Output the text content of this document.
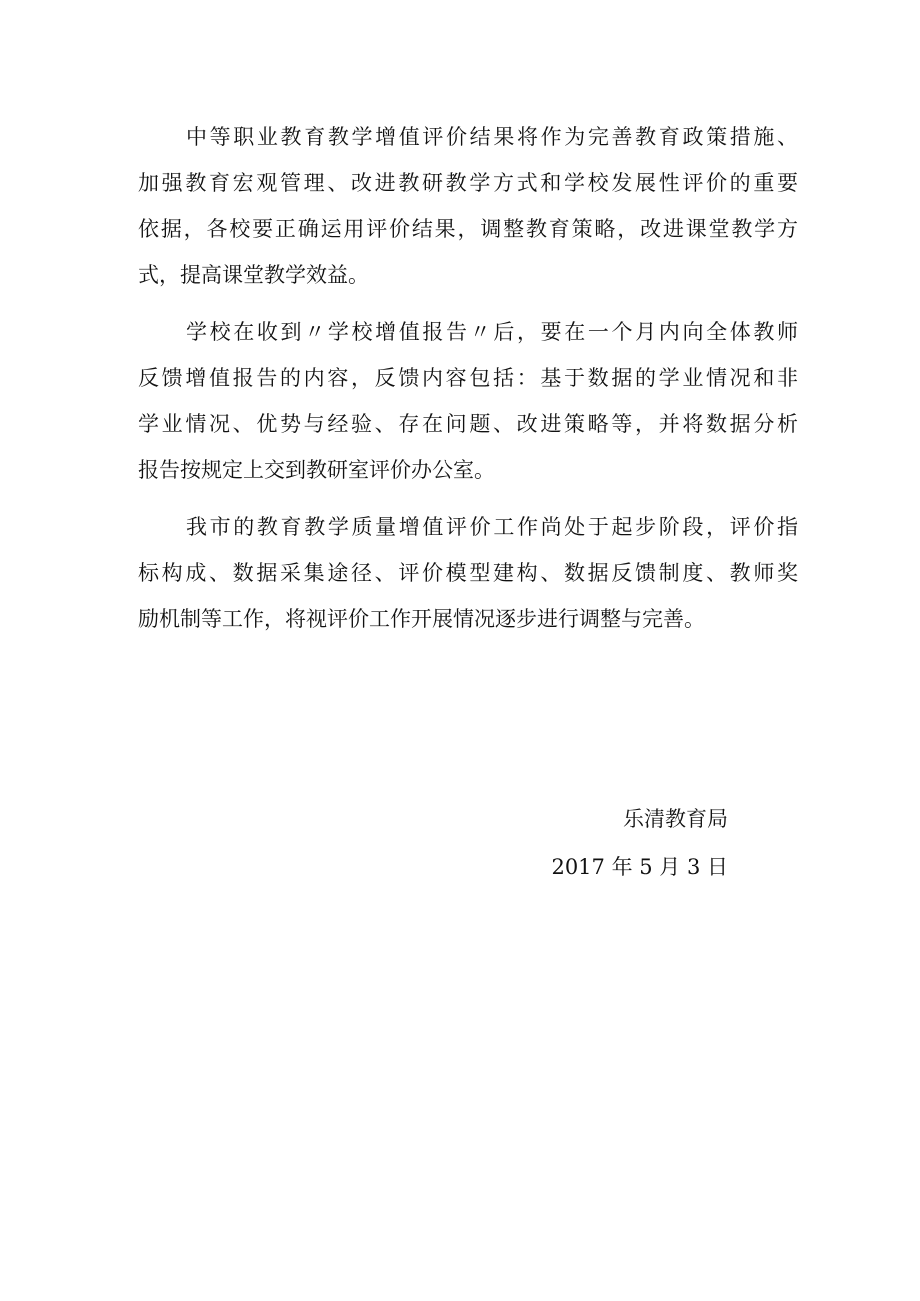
中等职业教育教学增值评价结果将作为完善教育政策措施、
加强教育宏观管理、改进教研教学方式和学校发展性评价的重要
依据，各校要正确运用评价结果，调整教育策略，改进课堂教学方
式，提高课堂教学效益。
学校在收到〃学校增值报告〃后，要在一个月内向全体教师
反馈增值报告的内容，反馈内容包括：基于数据的学业情况和非
学业情况、优势与经验、存在问题、改进策略等，并将数据分析
报告按规定上交到教研室评价办公室。
我市的教育教学质量增值评价工作尚处于起步阶段，评价指
标构成、数据采集途径、评价模型建构、数据反馈制度、教师奖
励机制等工作，将视评价工作开展情况逐步进行调整与完善。
乐清教育局
2017 年 5 月 3 日
